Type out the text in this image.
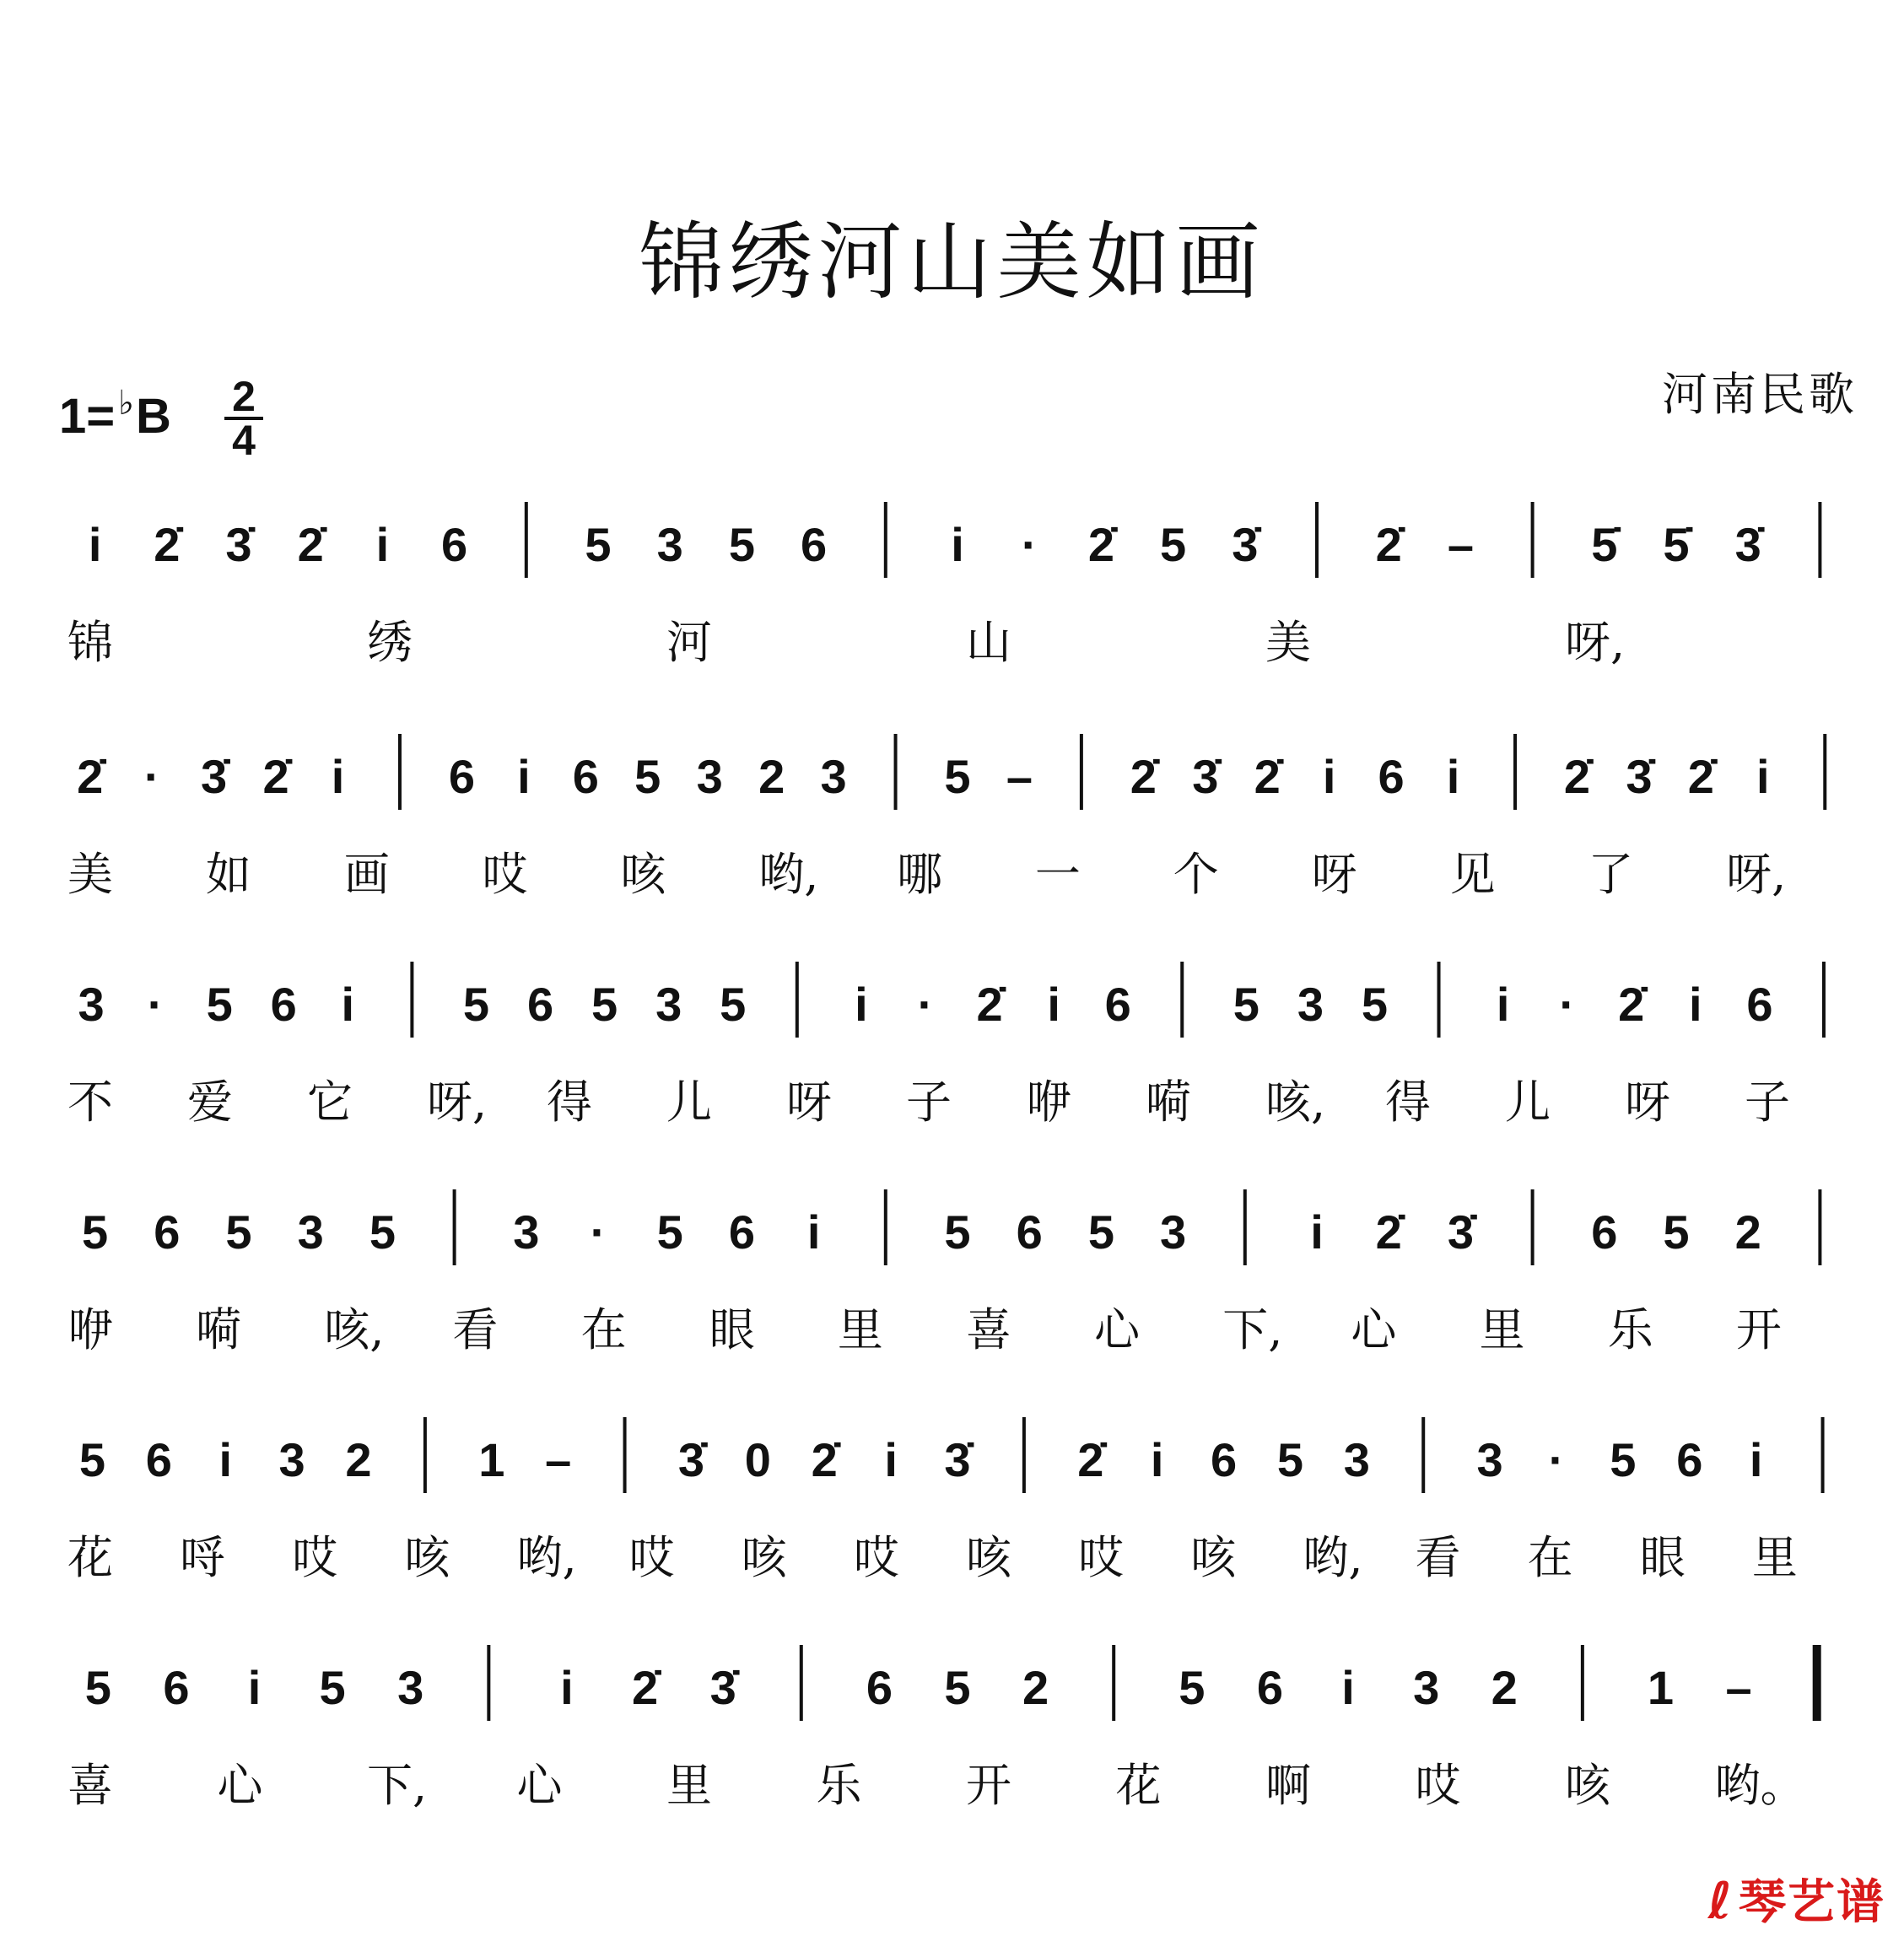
锦绣河山美如画
河南民歌
1= ♭B 2
4
i 2̇ 3̇ 2̇ i 6 5 3 5 6	i · 2̇ 5 3̇ 2̇ – 5̇ 5̇ 3̇
锦	绣	河	山	美	呀,
2̇ · 3̇ 2̇ i 6 i 6 5 3 2 3 5 – 2̇ 3̇ 2̇ i 6 i 2̇ 3̇ 2̇ i
美 如 画 哎 咳 哟, 哪 一 个 呀 见 了 呀,
3 · 5 6 i 5 6 5 3 5 i · 2̇ i 6 5 3 5 i · 2̇ i 6
不 爱 它 呀, 得 儿 呀 子 咿 嗬 咳, 得 儿 呀 子
5 6 5 3 5 3 · 5 6 i	5 6 5 3	i 2̇ 3̇ 6 5 2
咿 嗬 咳, 看 在 眼 里 喜 心 下, 心 里 乐 开
5 6 i 3 2 1 – 3̇ 0 2̇ i 3̇ 2̇ i 6 5 3 3 · 5 6 i
花 哷 哎 咳 哟, 哎 咳 哎 咳 哎 咳 哟, 看 在 眼 里
5 6 i 5 3	i 2̇ 3̇	6 5 2	5 6 i 3 2	1 –
喜 心 下, 心 里 乐 开 花 啊 哎 咳 哟。
ℓ 琴艺谱
